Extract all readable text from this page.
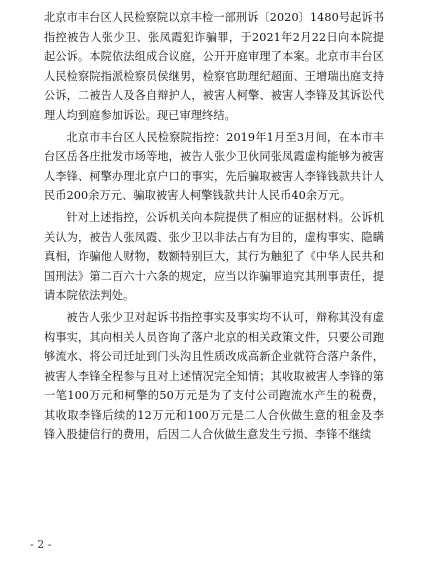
北京市丰台区人民检察院以京丰检一部刑诉〔2020〕1480号起诉书指控被告人张少卫、张凤霞犯诈骗罪，于2021年2月22日向本院提起公诉。本院依法组成合议庭，公开开庭审理了本案。北京市丰台区人民检察院指派检察员侯继男，检察官助理纪超面、王增瑞出庭支持公诉，二被告人及各自辩护人，被害人柯擎、被害人李锋及其诉讼代理人均到庭参加诉讼。现已审理终结。

北京市丰台区人民检察院指控：2019年1月至3月间，在本市丰台区岳各庄批发市场等地，被告人张少卫伙同张凤霞虚构能够为被害人李锋、柯擎办理北京户口的事实，先后骗取被害人李锋钱款共计人民币200余万元、骗取被害人柯擎钱款共计人民币40余万元。

针对上述指控，公诉机关向本院提供了相应的证据材料。公诉机关认为，被告人张凤霞、张少卫以非法占有为目的，虚构事实、隐瞒真相，诈骗他人财物，数额特别巨大，其行为触犯了《中华人民共和国刑法》第二百六十六条的规定，应当以诈骗罪追究其刑事责任，提请本院依法判处。

被告人张少卫对起诉书指控事实及事实均不认可，辩称其没有虚构事实，其向相关人员咨询了落户北京的相关政策文件，只要公司跑够流水、将公司迁址到门头沟且性质改成高新企业就符合落户条件，被害人李锋全程参与且对上述情况完全知情；其收取被害人李锋的第一笔100万元和柯擎的50万元是为了支付公司跑流水产生的税费，其收取李锋后续的12万元和100万元是二人合伙做生意的租金及李锋入股捷信行的费用，后因二人合伙做生意发生亏损、李锋不继续

- 2 -
